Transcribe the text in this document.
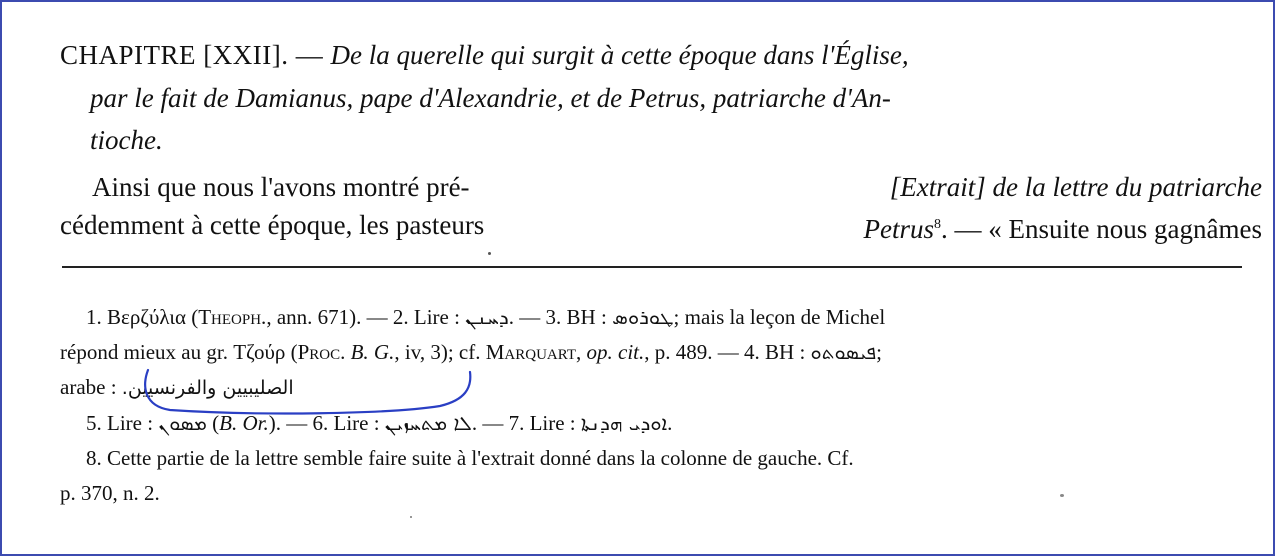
CHAPITRE [XXII]. — De la querelle qui surgit à cette époque dans l'Église,
par le fait de Damianus, pape d'Alexandrie, et de Petrus, patriarche d'An-
tioche.
Ainsi que nous l'avons montré pré-
cédemment à cette époque, les pasteurs
[Extrait] de la lettre du patriarche
Petrus$^8$. — « Ensuite nous gagnâmes
1. Βερζύλια (Theoph., ann. 671). — 2. Lire : ܕܚܢܢ. — 3. BH : ܛܘܪܘܣ; mais la leçon de Michel
répond mieux au gr. Τζούρ (Proc. B. G., iv, 3); cf. Marquart, op. cit., p. 489. — 4. BH : ܦܝܣܘܬܘ;
arabe : الصليبيين والفرنسيين.
5. Lire : ܡܣܘܢ (B. Or.). — 6. Lire : ܠܐ ܡܬܚܙܝܢ. — 7. Lire : ܐܘܕܝ ܗܕܢܬܐ.
8. Cette partie de la lettre semble faire suite à l'extrait donné dans la colonne de gauche. Cf.
p. 370, n. 2.
